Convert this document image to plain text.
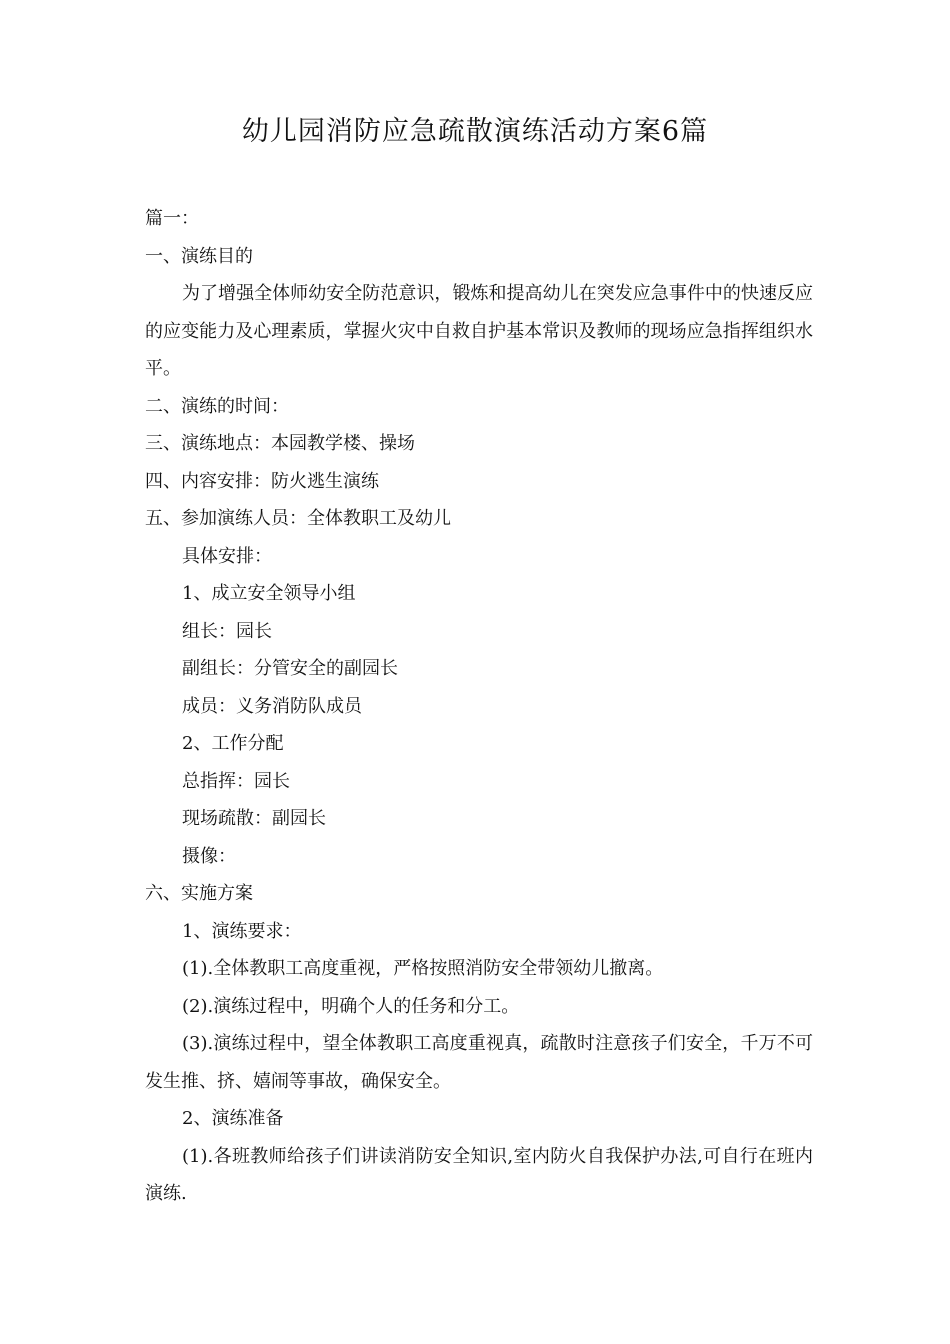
幼儿园消防应急疏散演练活动方案6篇
篇一：
一、演练目的
为了增强全体师幼安全防范意识，锻炼和提高幼儿在突发应急事件中的快速反应的应变能力及心理素质，掌握火灾中自救自护基本常识及教师的现场应急指挥组织水平。
二、演练的时间：
三、演练地点：本园教学楼、操场
四、内容安排：防火逃生演练
五、参加演练人员：全体教职工及幼儿
具体安排：
1、成立安全领导小组
组长：园长
副组长：分管安全的副园长
成员：义务消防队成员
2、工作分配
总指挥：园长
现场疏散：副园长
摄像：
六、实施方案
1、演练要求：
(1).全体教职工高度重视，严格按照消防安全带领幼儿撤离。
(2).演练过程中，明确个人的任务和分工。
(3).演练过程中，望全体教职工高度重视真，疏散时注意孩子们安全，千万不可发生推、挤、嬉闹等事故，确保安全。
2、演练准备
(1).各班教师给孩子们讲读消防安全知识,室内防火自我保护办法,可自行在班内演练.
